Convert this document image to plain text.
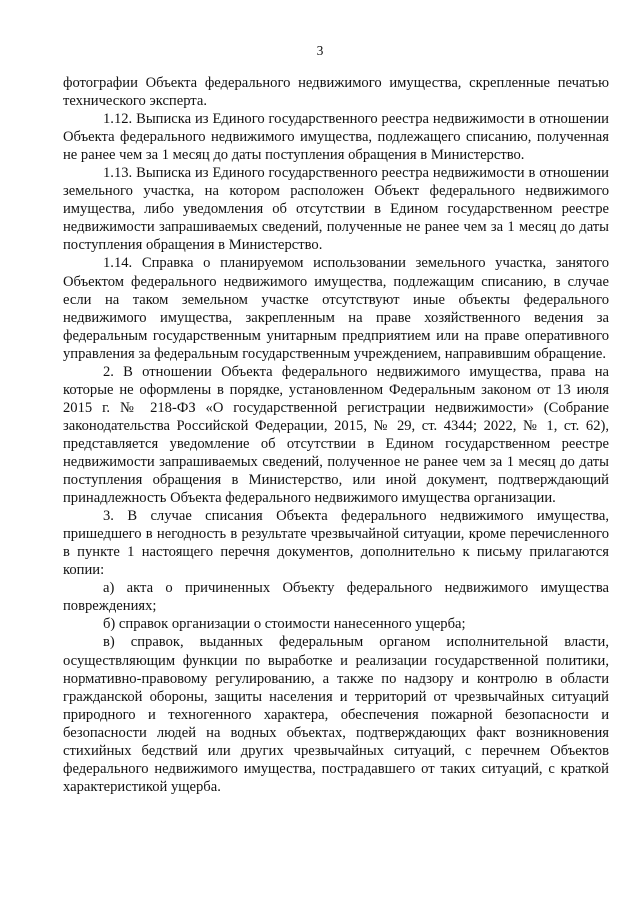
3

фотографии Объекта федерального недвижимого имущества, скрепленные печатью технического эксперта.

1.12. Выписка из Единого государственного реестра недвижимости в отношении Объекта федерального недвижимого имущества, подлежащего списанию, полученная не ранее чем за 1 месяц до даты поступления обращения в Министерство.

1.13. Выписка из Единого государственного реестра недвижимости в отношении земельного участка, на котором расположен Объект федерального недвижимого имущества, либо уведомления об отсутствии в Едином государственном реестре недвижимости запрашиваемых сведений, полученные не ранее чем за 1 месяц до даты поступления обращения в Министерство.

1.14. Справка о планируемом использовании земельного участка, занятого Объектом федерального недвижимого имущества, подлежащим списанию, в случае если на таком земельном участке отсутствуют иные объекты федерального недвижимого имущества, закрепленным на праве хозяйственного ведения за федеральным государственным унитарным предприятием или на праве оперативного управления за федеральным государственным учреждением, направившим обращение.

2. В отношении Объекта федерального недвижимого имущества, права на которые не оформлены в порядке, установленном Федеральным законом от 13 июля 2015 г. № 218-ФЗ «О государственной регистрации недвижимости» (Собрание законодательства Российской Федерации, 2015, № 29, ст. 4344; 2022, № 1, ст. 62), представляется уведомление об отсутствии в Едином государственном реестре недвижимости запрашиваемых сведений, полученное не ранее чем за 1 месяц до даты поступления обращения в Министерство, или иной документ, подтверждающий принадлежность Объекта федерального недвижимого имущества организации.

3. В случае списания Объекта федерального недвижимого имущества, пришедшего в негодность в результате чрезвычайной ситуации, кроме перечисленного в пункте 1 настоящего перечня документов, дополнительно к письму прилагаются копии:

а) акта о причиненных Объекту федерального недвижимого имущества повреждениях;

б) справок организации о стоимости нанесенного ущерба;

в) справок, выданных федеральным органом исполнительной власти, осуществляющим функции по выработке и реализации государственной политики, нормативно-правовому регулированию, а также по надзору и контролю в области гражданской обороны, защиты населения и территорий от чрезвычайных ситуаций природного и техногенного характера, обеспечения пожарной безопасности и безопасности людей на водных объектах, подтверждающих факт возникновения стихийных бедствий или других чрезвычайных ситуаций, с перечнем Объектов федерального недвижимого имущества, пострадавшего от таких ситуаций, с краткой характеристикой ущерба.
